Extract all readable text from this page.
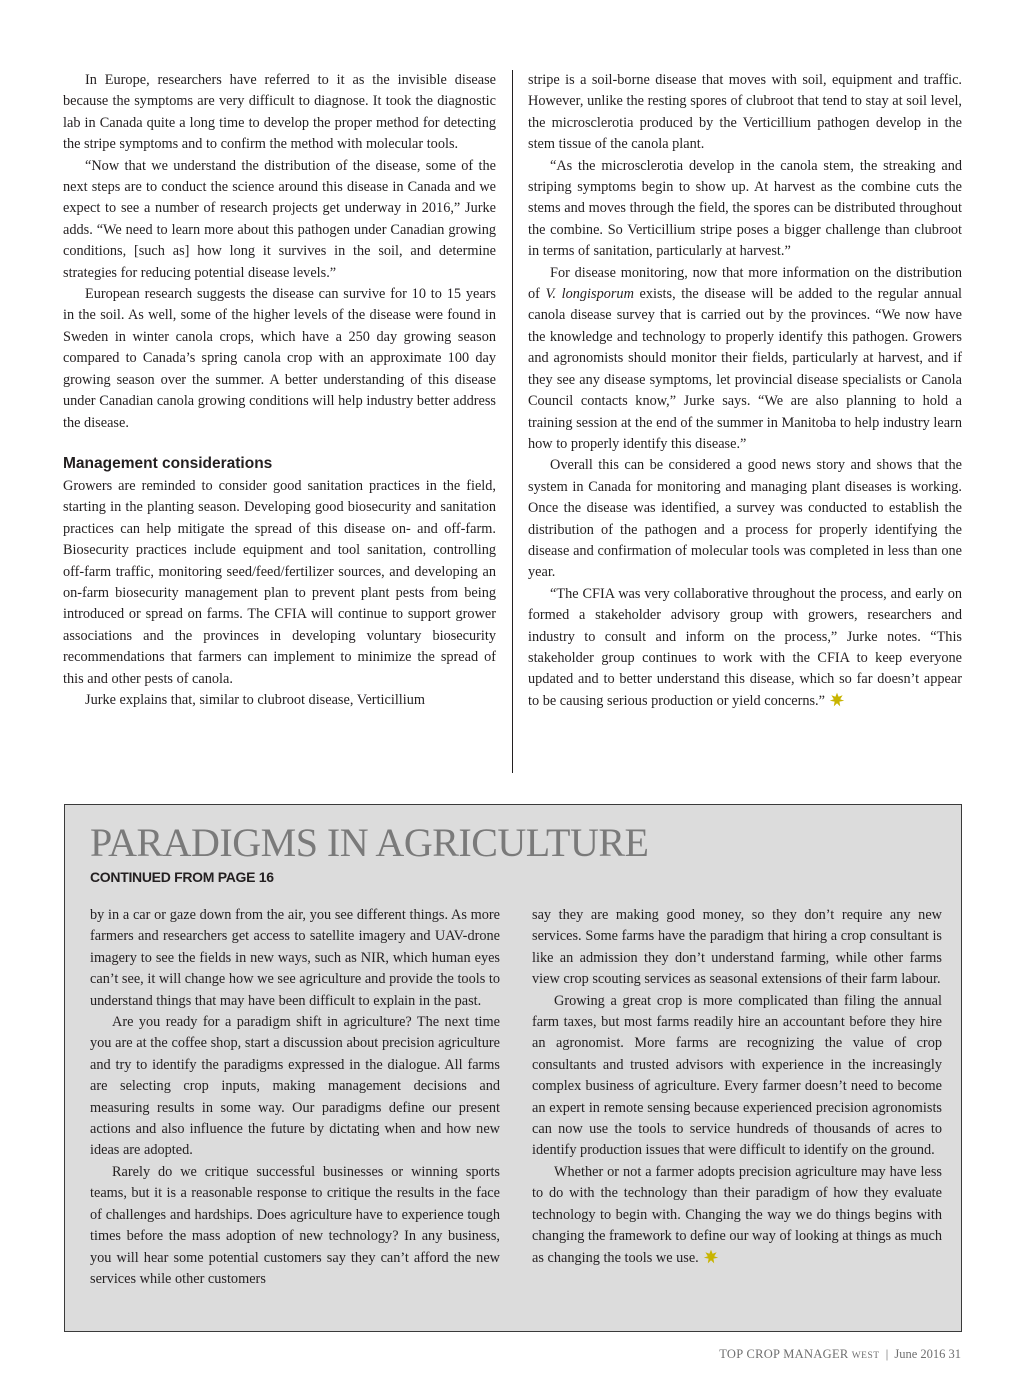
In Europe, researchers have referred to it as the invisible disease because the symptoms are very difficult to diagnose. It took the diagnostic lab in Canada quite a long time to develop the proper method for detecting the stripe symptoms and to confirm the method with molecular tools.

“Now that we understand the distribution of the disease, some of the next steps are to conduct the science around this disease in Canada and we expect to see a number of research projects get underway in 2016,” Jurke adds. “We need to learn more about this pathogen under Canadian growing conditions, [such as] how long it survives in the soil, and determine strategies for reducing potential disease levels.”

European research suggests the disease can survive for 10 to 15 years in the soil. As well, some of the higher levels of the disease were found in Sweden in winter canola crops, which have a 250 day growing season compared to Canada’s spring canola crop with an approximate 100 day growing season over the summer. A better understanding of this disease under Canadian canola growing conditions will help industry better address the disease.

Management considerations

Growers are reminded to consider good sanitation practices in the field, starting in the planting season. Developing good biosecurity and sanitation practices can help mitigate the spread of this disease on- and off-farm. Biosecurity practices include equipment and tool sanitation, controlling off-farm traffic, monitoring seed/feed/fertilizer sources, and developing an on-farm biosecurity management plan to prevent plant pests from being introduced or spread on farms. The CFIA will continue to support grower associations and the provinces in developing voluntary biosecurity recommendations that farmers can implement to minimize the spread of this and other pests of canola.

Jurke explains that, similar to clubroot disease, Verticillium

stripe is a soil-borne disease that moves with soil, equipment and traffic. However, unlike the resting spores of clubroot that tend to stay at soil level, the microsclerotia produced by the Verticillium pathogen develop in the stem tissue of the canola plant.

“As the microsclerotia develop in the canola stem, the streaking and striping symptoms begin to show up. At harvest as the combine cuts the stems and moves through the field, the spores can be distributed throughout the combine. So Verticillium stripe poses a bigger challenge than clubroot in terms of sanitation, particularly at harvest.”

For disease monitoring, now that more information on the distribution of V. longisporum exists, the disease will be added to the regular annual canola disease survey that is carried out by the provinces. “We now have the knowledge and technology to properly identify this pathogen. Growers and agronomists should monitor their fields, particularly at harvest, and if they see any disease symptoms, let provincial disease specialists or Canola Council contacts know,” Jurke says. “We are also planning to hold a training session at the end of the summer in Manitoba to help industry learn how to properly identify this disease.”

Overall this can be considered a good news story and shows that the system in Canada for monitoring and managing plant diseases is working. Once the disease was identified, a survey was conducted to establish the distribution of the pathogen and a process for properly identifying the disease and confirmation of molecular tools was completed in less than one year.

“The CFIA was very collaborative throughout the process, and early on formed a stakeholder advisory group with growers, researchers and industry to consult and inform on the process,” Jurke notes. “This stakeholder group continues to work with the CFIA to keep everyone updated and to better understand this disease, which so far doesn’t appear to be causing serious production or yield concerns.”

PARADIGMS IN AGRICULTURE
CONTINUED FROM PAGE 16

by in a car or gaze down from the air, you see different things. As more farmers and researchers get access to satellite imagery and UAV-drone imagery to see the fields in new ways, such as NIR, which human eyes can’t see, it will change how we see agriculture and provide the tools to understand things that may have been difficult to explain in the past.

Are you ready for a paradigm shift in agriculture? The next time you are at the coffee shop, start a discussion about precision agriculture and try to identify the paradigms expressed in the dialogue. All farms are selecting crop inputs, making management decisions and measuring results in some way. Our paradigms define our present actions and also influence the future by dictating when and how new ideas are adopted.

Rarely do we critique successful businesses or winning sports teams, but it is a reasonable response to critique the results in the face of challenges and hardships. Does agriculture have to experience tough times before the mass adoption of new technology? In any business, you will hear some potential customers say they can’t afford the new services while other customers

say they are making good money, so they don’t require any new services. Some farms have the paradigm that hiring a crop consultant is like an admission they don’t understand farming, while other farms view crop scouting services as seasonal extensions of their farm labour.

Growing a great crop is more complicated than filing the annual farm taxes, but most farms readily hire an accountant before they hire an agronomist. More farms are recognizing the value of crop consultants and trusted advisors with experience in the increasingly complex business of agriculture. Every farmer doesn’t need to become an expert in remote sensing because experienced precision agronomists can now use the tools to service hundreds of thousands of acres to identify production issues that were difficult to identify on the ground.

Whether or not a farmer adopts precision agriculture may have less to do with the technology than their paradigm of how they evaluate technology to begin with. Changing the way we do things begins with changing the framework to define our way of looking at things as much as changing the tools we use.

TOP CROP MANAGER WEST | June 2016 31
